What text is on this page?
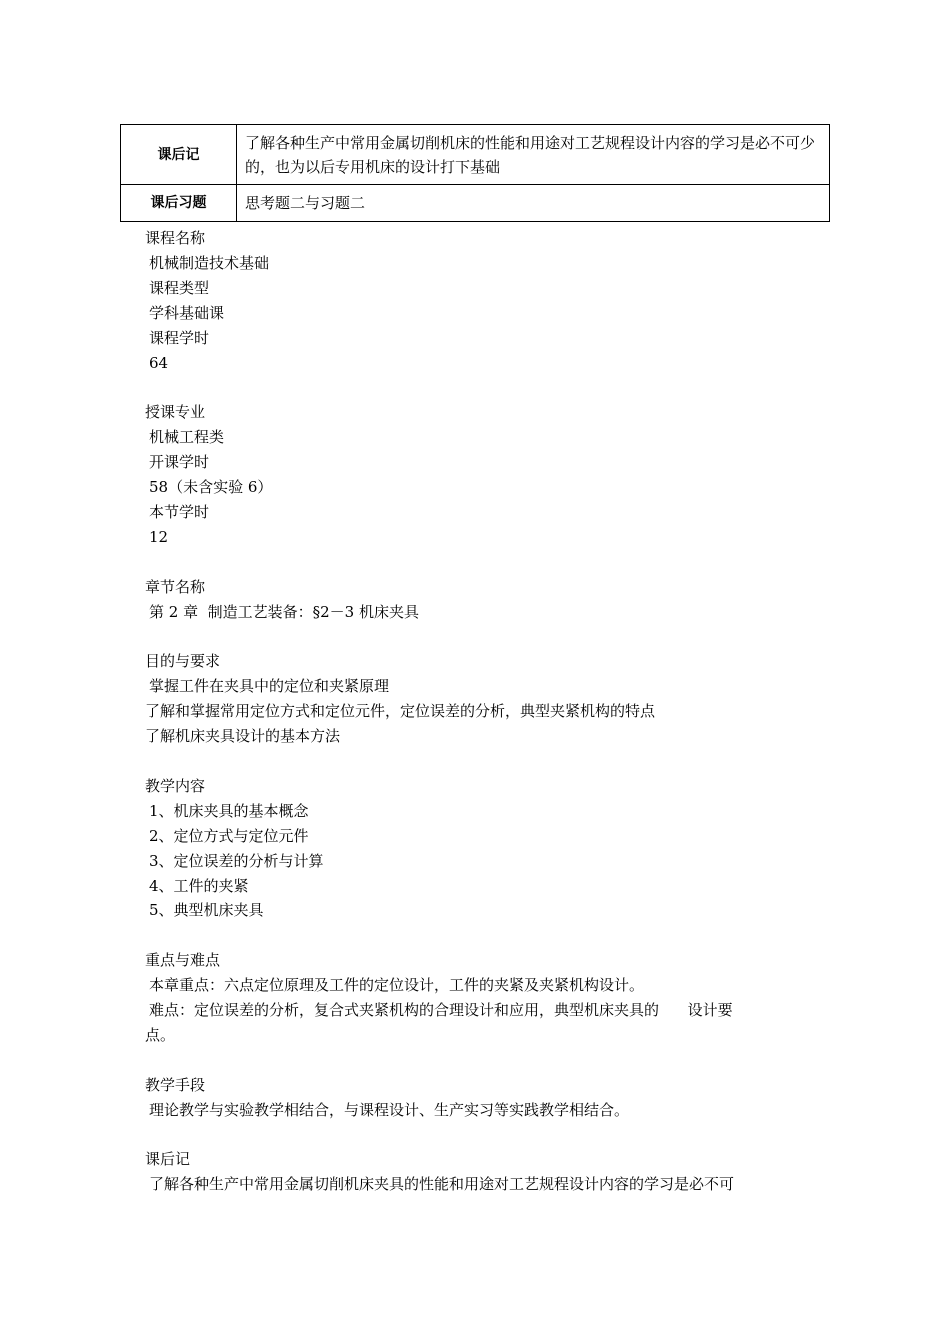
课后记	了解各种生产中常用金属切削机床的性能和用途对工艺规程设计内容的学习是必不可少的，也为以后专用机床的设计打下基础
课后习题	思考题二与习题二
课程名称
机械制造技术基础
课程类型
学科基础课
课程学时
64
授课专业
机械工程类
开课学时
58（未含实验 6）
本节学时
12
章节名称
第 2 章  制造工艺装备：§2－3 机床夹具
目的与要求
掌握工件在夹具中的定位和夹紧原理
了解和掌握常用定位方式和定位元件，定位误差的分析，典型夹紧机构的特点
了解机床夹具设计的基本方法
教学内容
1、机床夹具的基本概念
2、定位方式与定位元件
3、定位误差的分析与计算
4、工件的夹紧
5、典型机床夹具
重点与难点
本章重点：六点定位原理及工件的定位设计，工件的夹紧及夹紧机构设计。
难点：定位误差的分析，复合式夹紧机构的合理设计和应用，典型机床夹具的      设计要
点。
教学手段
理论教学与实验教学相结合，与课程设计、生产实习等实践教学相结合。
课后记
了解各种生产中常用金属切削机床夹具的性能和用途对工艺规程设计内容的学习是必不可
